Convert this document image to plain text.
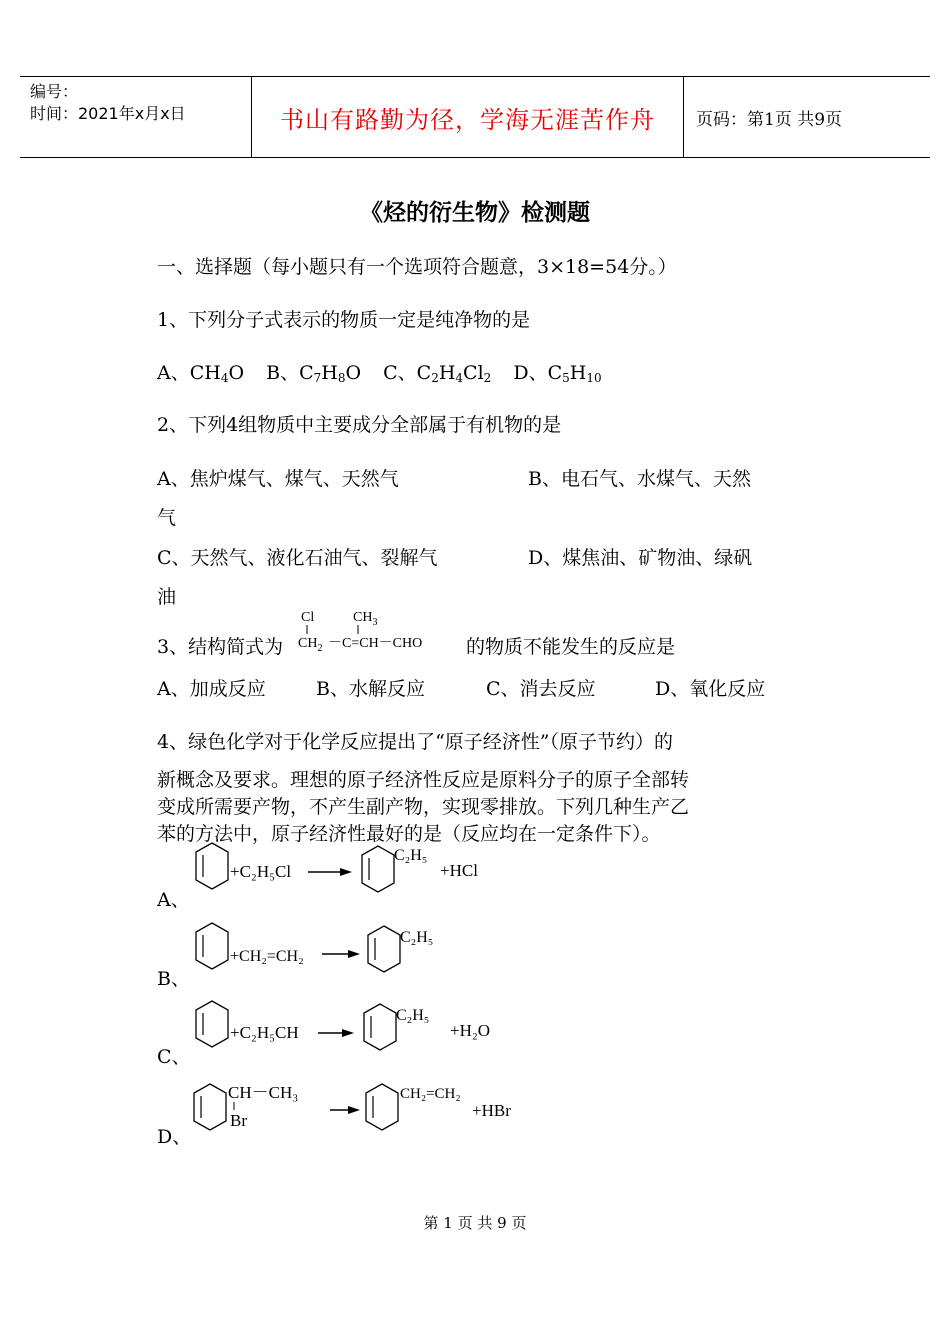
编号：
时间：2021年x月x日	书山有路勤为径，学海无涯苦作舟	页码：第1页 共9页
《烃的衍生物》检测题
一、选择题（每小题只有一个选项符合题意，3×18=54分。）
1、下列分子式表示的物质一定是纯净物的是
A、$CH_4O$ B、$C_7H_8O$ C、$C_2H_4Cl_2$ D、$C_5H_{10}$
2、下列4组物质中主要成分全部属于有机物的是
A、焦炉煤气、煤气、天然气	B、电石气、水煤气、天然
气
C、天然气、液化石油气、裂解气	D、煤焦油、矿物油、绿矾
油
3、结构简式为
Cl	$CH_3$
$CH_2 -C=CH-CHO$ 的物质不能发生的反应是
A、加成反应	B、水解反应	C、消去反应	D、氧化反应
4、绿色化学对于化学反应提出了“原子经济性”（原子节约）的
新概念及要求。理想的原子经济性反应是原料分子的原子全部转
变成所需要产物，不产生副产物，实现零排放。下列几种生产乙
苯的方法中，原子经济性最好的是（反应均在一定条件下）。
A、
+C₂H₅Cl
C₂H₅
+HCl
B、
+CH₂=CH₂
C₂H₅
C、
+C₂H₅CH
C₂H₅
+H₂O
D、
CH－CH₃
Br
CH₂=CH₂
+HBr
第 1 页 共 9 页
